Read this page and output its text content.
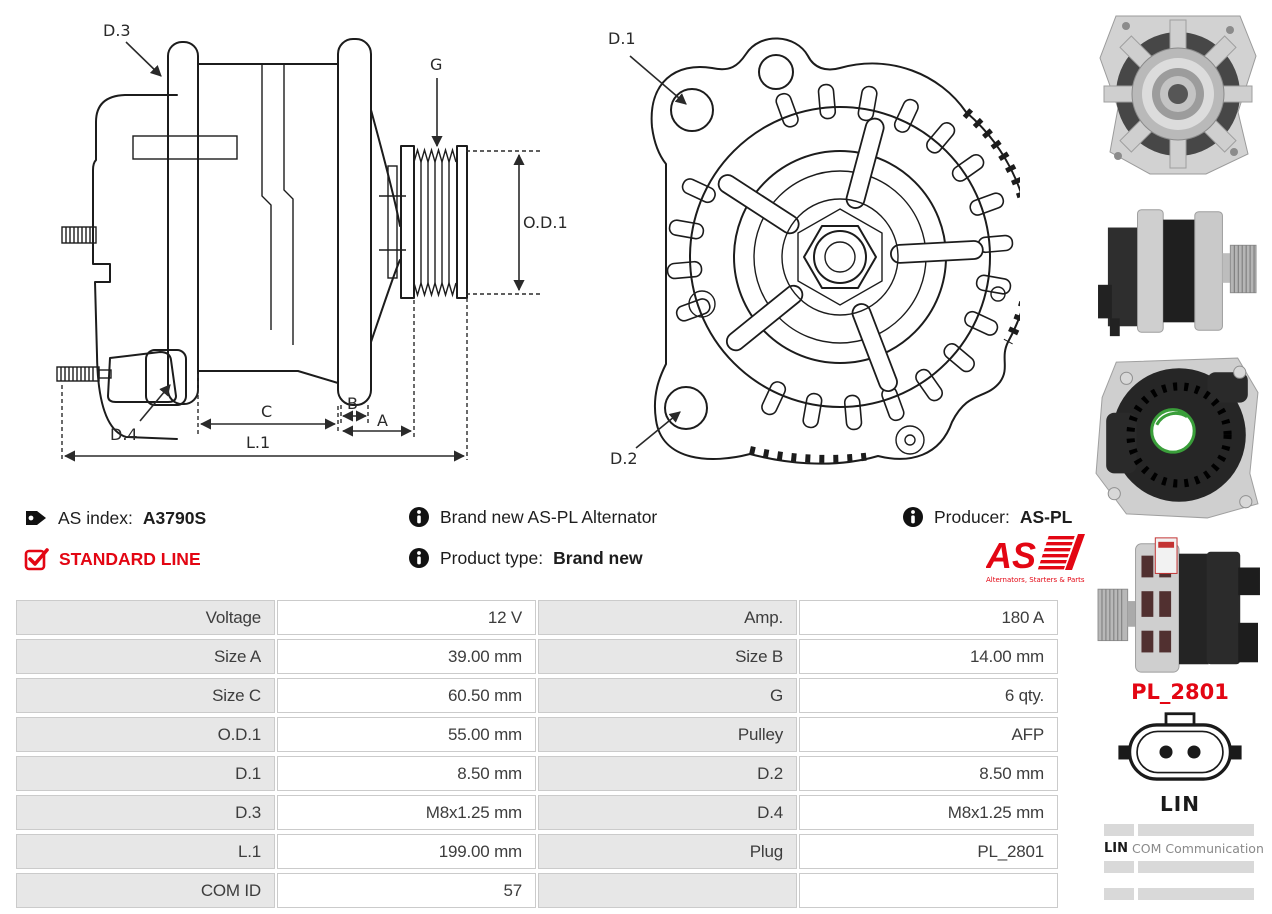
D.3
G
O.D.1
D.4
C	B
A
L.1
D.1
D.2
AS index: A3790S
STANDARD LINE
Brand new AS-PL Alternator
Product type: Brand new
Producer: AS-PL
AS
Alternators, Starters & Parts
Voltage	12 V	Amp.	180 A
Size A	39.00 mm	Size B	14.00 mm
Size C	60.50 mm	G	6 qty.
O.D.1	55.00 mm	Pulley	AFP
D.1	8.50 mm	D.2	8.50 mm
D.3	M8x1.25 mm	D.4	M8x1.25 mm
L.1	199.00 mm	Plug	PL_2801
COM ID	57		
PL_2801
LIN
LIN COM Communication
